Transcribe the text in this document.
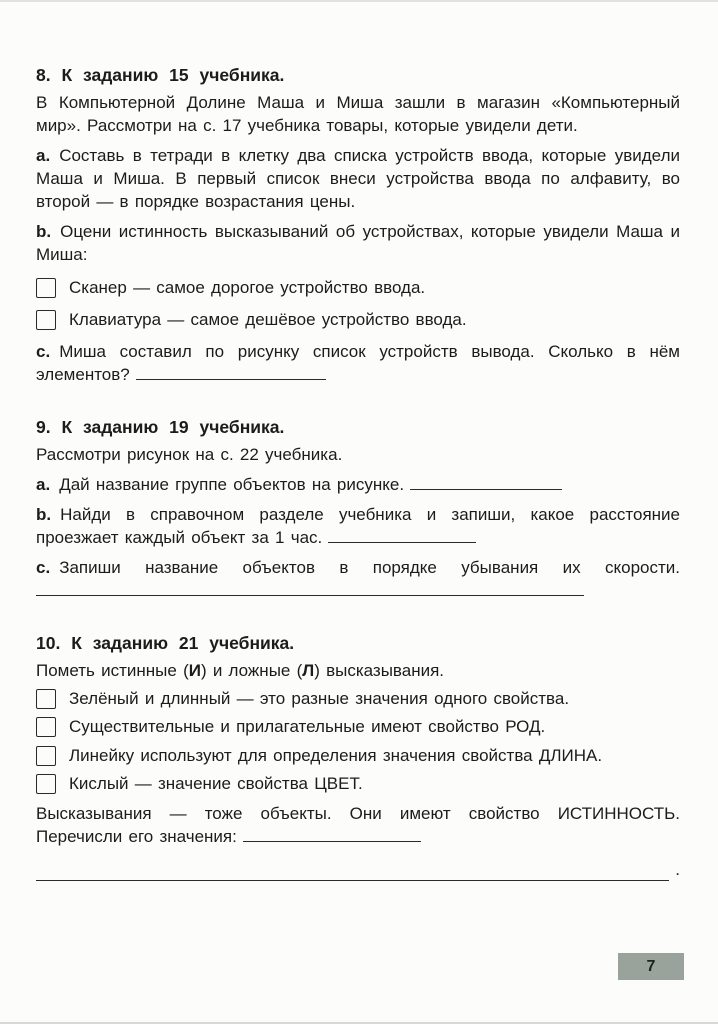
8. К заданию 15 учебника.

В Компьютерной Долине Маша и Миша зашли в магазин «Компьютерный мир». Рассмотри на с. 17 учебника товары, которые увидели дети.

a. Составь в тетради в клетку два списка устройств ввода, которые увидели Маша и Миша. В первый список внеси устройства ввода по алфавиту, во второй — в порядке возрастания цены.

b. Оцени истинность высказываний об устройствах, которые увидели Маша и Миша:

Сканер — самое дорогое устройство ввода.
Клавиатура — самое дешёвое устройство ввода.

c. Миша составил по рисунку список устройств вывода. Сколько в нём элементов?

9. К заданию 19 учебника.

Рассмотри рисунок на с. 22 учебника.

a. Дай название группе объектов на рисунке.

b. Найди в справочном разделе учебника и запиши, какое расстояние проезжает каждый объект за 1 час.

c. Запиши название объектов в порядке убывания их скорости.

10. К заданию 21 учебника.

Пометь истинные (И) и ложные (Л) высказывания.

Зелёный и длинный — это разные значения одного свойства.
Существительные и прилагательные имеют свойство РОД.
Линейку используют для определения значения свойства ДЛИНА.
Кислый — значение свойства ЦВЕТ.

Высказывания — тоже объекты. Они имеют свойство ИСТИННОСТЬ. Перечисли его значения:

.
7
